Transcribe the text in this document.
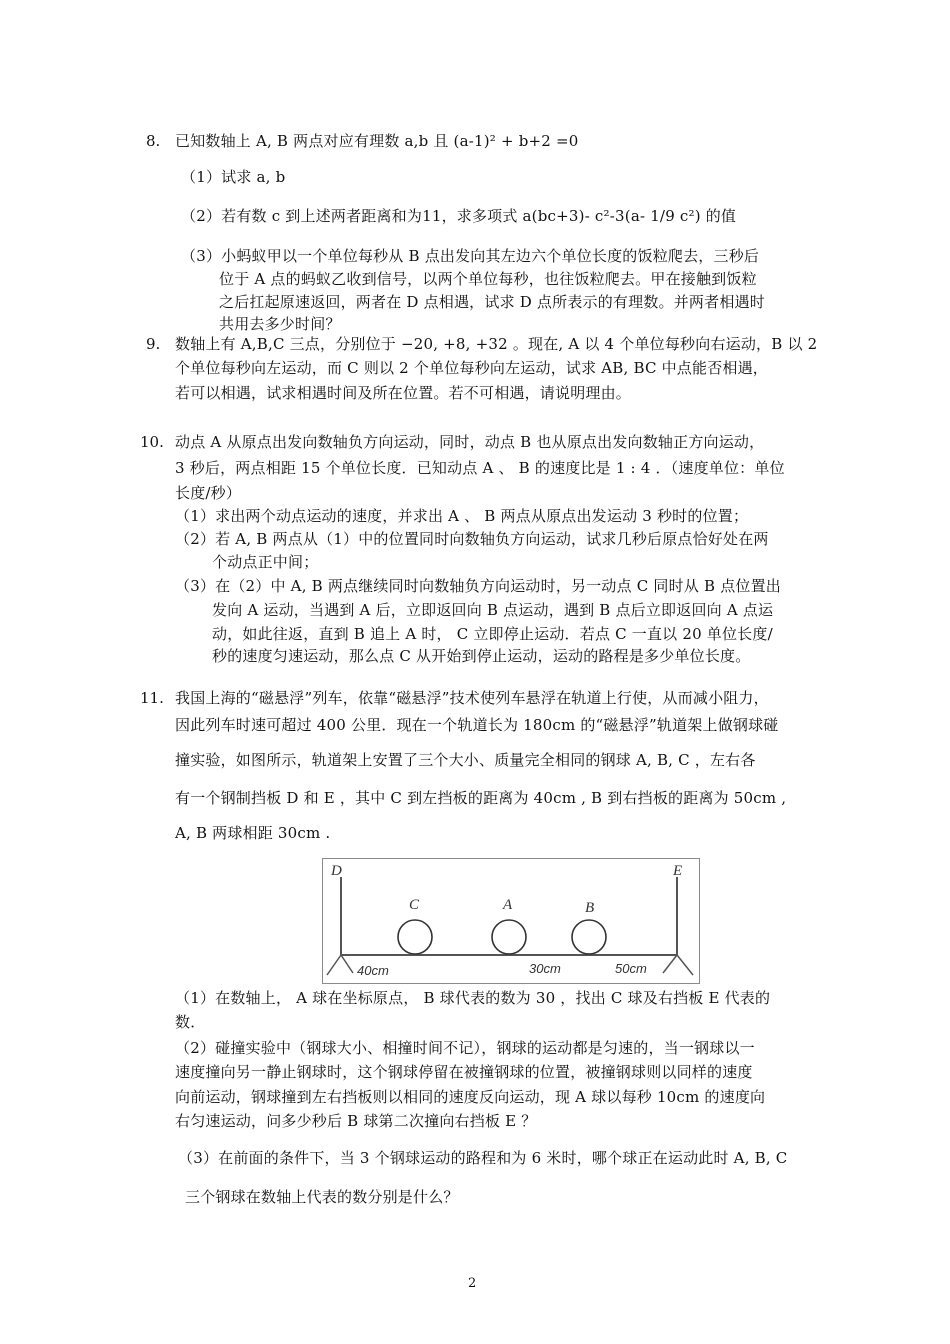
8. 已知数轴上 A, B 两点对应有理数 a,b 且 (a-1)² + b+2 =0
（1）试求 a, b
（2）若有数 c 到上述两者距离和为11，求多项式 a(bc+3)- c²-3(a- 1/9 c²) 的值
（3）小蚂蚁甲以一个单位每秒从 B 点出发向其左边六个单位长度的饭粒爬去，三秒后
位于 A 点的蚂蚁乙收到信号，以两个单位每秒，也往饭粒爬去。甲在接触到饭粒
之后扛起原速返回，两者在 D 点相遇，试求 D 点所表示的有理数。并两者相遇时
共用去多少时间？
9. 数轴上有 A,B,C 三点，分别位于 −20, +8, +32 。现在, A 以 4 个单位每秒向右运动，B 以 2
个单位每秒向左运动，而 C 则以 2 个单位每秒向左运动，试求 AB, BC 中点能否相遇，
若可以相遇，试求相遇时间及所在位置。若不可相遇，请说明理由。
10. 动点 A 从原点出发向数轴负方向运动，同时，动点 B 也从原点出发向数轴正方向运动，
3 秒后，两点相距 15 个单位长度．已知动点 A 、 B 的速度比是 1 : 4 ．（速度单位：单位
长度/秒）
（1）求出两个动点运动的速度，并求出 A 、 B 两点从原点出发运动 3 秒时的位置；
（2）若 A, B 两点从（1）中的位置同时向数轴负方向运动，试求几秒后原点恰好处在两
个动点正中间；
（3）在（2）中 A, B 两点继续同时向数轴负方向运动时，另一动点 C 同时从 B 点位置出
发向 A 运动，当遇到 A 后，立即返回向 B 点运动，遇到 B 点后立即返回向 A 点运
动，如此往返，直到 B 追上 A 时， C 立即停止运动．若点 C 一直以 20 单位长度/
秒的速度匀速运动，那么点 C 从开始到停止运动，运动的路程是多少单位长度。
11. 我国上海的“磁悬浮”列车，依靠“磁悬浮”技术使列车悬浮在轨道上行使，从而减小阻力，
因此列车时速可超过 400 公里．现在一个轨道长为 180cm 的“磁悬浮”轨道架上做钢球碰
撞实验，如图所示，轨道架上安置了三个大小、质量完全相同的钢球 A, B, C ，左右各
有一个钢制挡板 D 和 E ，其中 C 到左挡板的距离为 40cm , B 到右挡板的距离为 50cm ,
A, B 两球相距 30cm .
D	E
C	A	B
40cm	30cm	50cm
（1）在数轴上， A 球在坐标原点， B 球代表的数为 30 ，找出 C 球及右挡板 E 代表的
数．
（2）碰撞实验中（钢球大小、相撞时间不记），钢球的运动都是匀速的，当一钢球以一
速度撞向另一静止钢球时，这个钢球停留在被撞钢球的位置，被撞钢球则以同样的速度
向前运动，钢球撞到左右挡板则以相同的速度反向运动，现 A 球以每秒 10cm 的速度向
右匀速运动，问多少秒后 B 球第二次撞向右挡板 E ？
（3）在前面的条件下，当 3 个钢球运动的路程和为 6 米时，哪个球正在运动此时 A, B, C
三个钢球在数轴上代表的数分别是什么？
2
